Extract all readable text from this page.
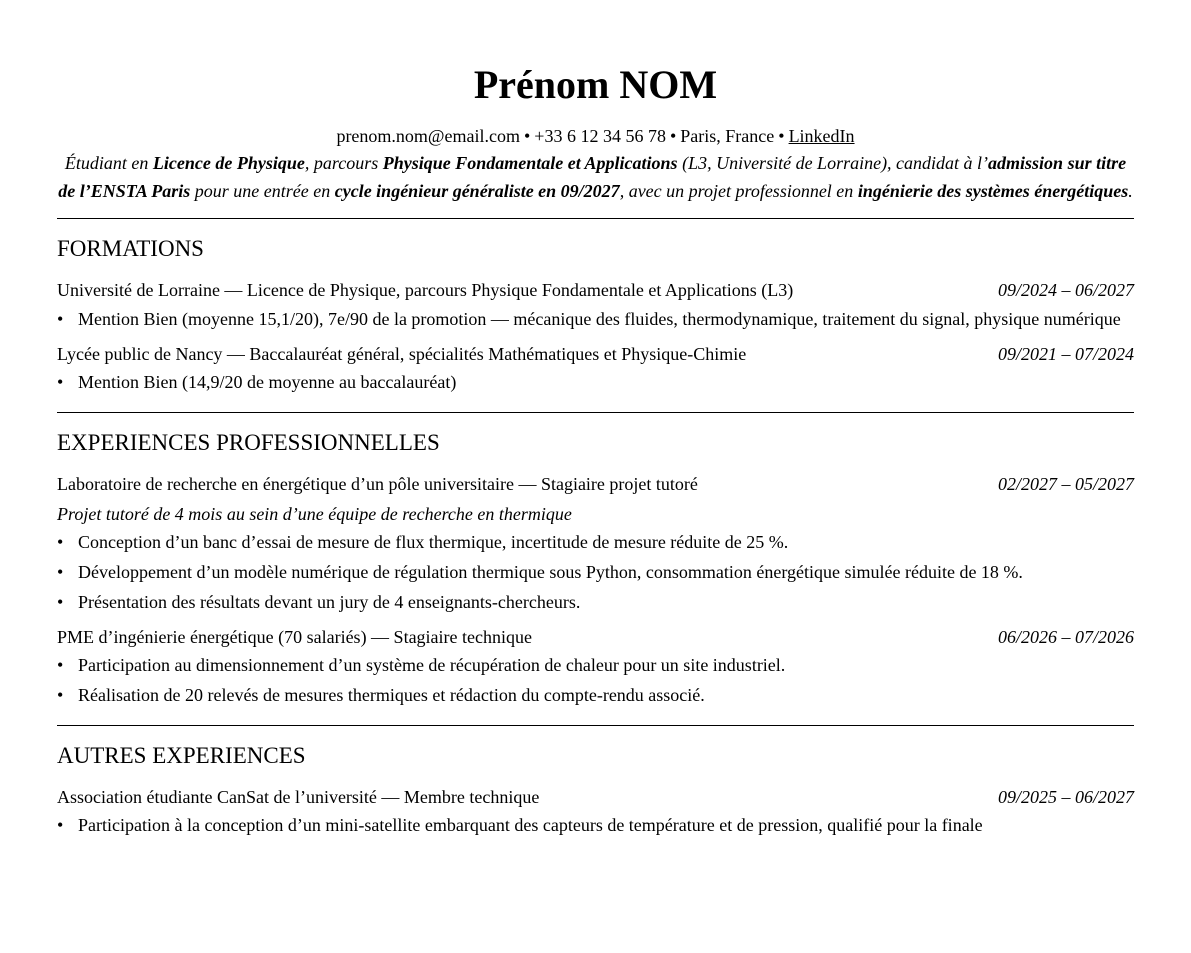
Prénom NOM
prenom.nom@email.com • +33 6 12 34 56 78 • Paris, France • LinkedIn
Étudiant en Licence de Physique, parcours Physique Fondamentale et Applications (L3, Université de Lorraine), candidat à l’admission sur titre de l’ENSTA Paris pour une entrée en cycle ingénieur généraliste en 09/2027, avec un projet professionnel en ingénierie des systèmes énergétiques.
FORMATIONS
Université de Lorraine — Licence de Physique, parcours Physique Fondamentale et Applications (L3)	09/2024 – 06/2027
• Mention Bien (moyenne 15,1/20), 7e/90 de la promotion — mécanique des fluides, thermodynamique, traitement du signal, physique numérique
Lycée public de Nancy — Baccalauréat général, spécialités Mathématiques et Physique-Chimie	09/2021 – 07/2024
• Mention Bien (14,9/20 de moyenne au baccalauréat)
EXPERIENCES PROFESSIONNELLES
Laboratoire de recherche en énergétique d’un pôle universitaire — Stagiaire projet tutoré	02/2027 – 05/2027
Projet tutoré de 4 mois au sein d’une équipe de recherche en thermique
• Conception d’un banc d’essai de mesure de flux thermique, incertitude de mesure réduite de 25 %.
• Développement d’un modèle numérique de régulation thermique sous Python, consommation énergétique simulée réduite de 18 %.
• Présentation des résultats devant un jury de 4 enseignants-chercheurs.
PME d’ingénierie énergétique (70 salariés) — Stagiaire technique	06/2026 – 07/2026
• Participation au dimensionnement d’un système de récupération de chaleur pour un site industriel.
• Réalisation de 20 relevés de mesures thermiques et rédaction du compte-rendu associé.
AUTRES EXPERIENCES
Association étudiante CanSat de l’université — Membre technique	09/2025 – 06/2027
• Participation à la conception d’un mini-satellite embarquant des capteurs de température et de pression, qualifié pour la finale
